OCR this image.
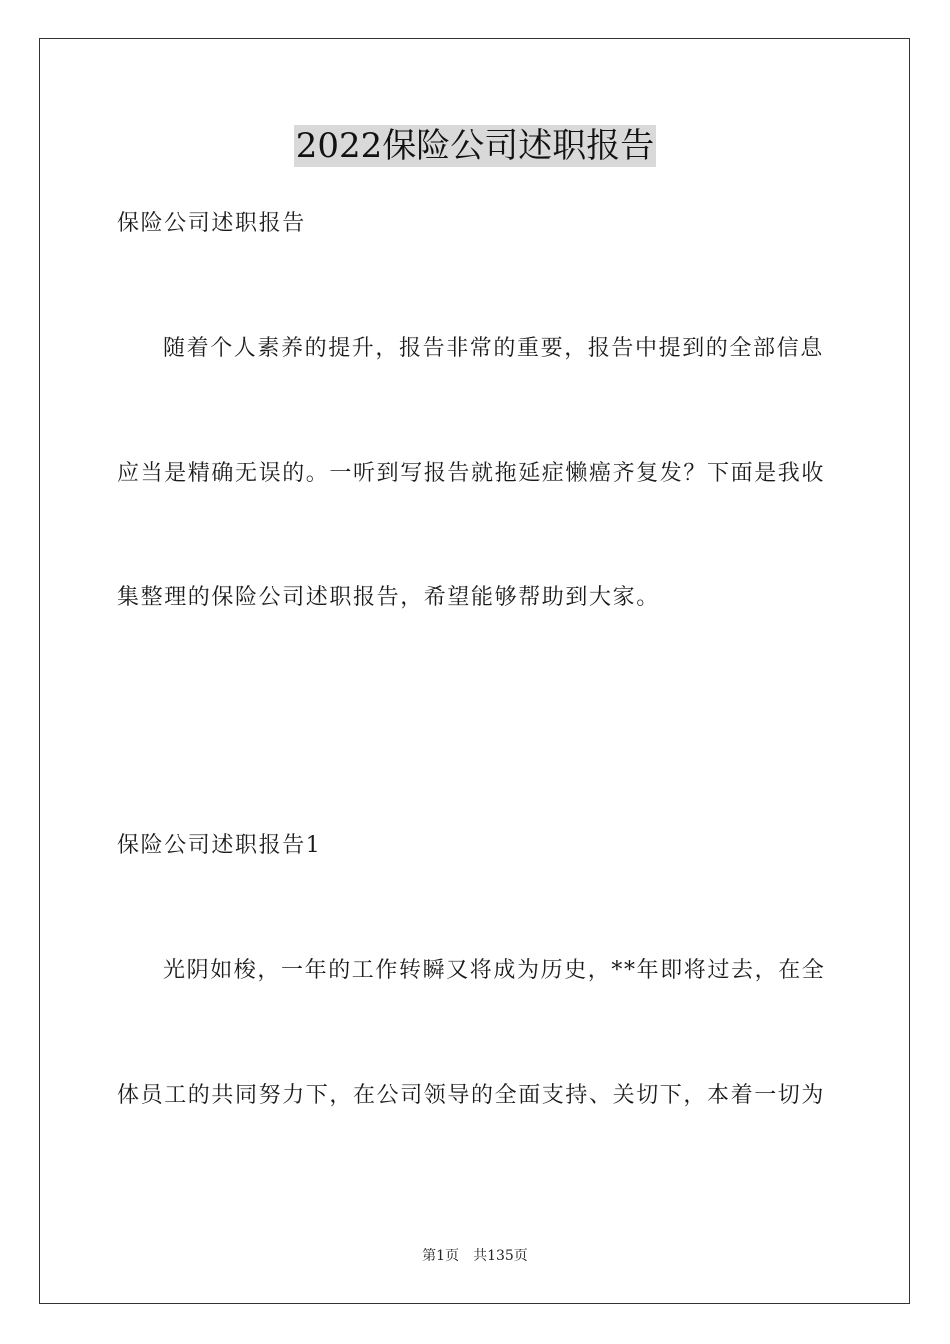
2022保险公司述职报告
保险公司述职报告
随着个人素养的提升，报告非常的重要，报告中提到的全部信息
应当是精确无误的。一听到写报告就拖延症懒癌齐复发？下面是我收
集整理的保险公司述职报告，希望能够帮助到大家。
保险公司述职报告1
光阴如梭，一年的工作转瞬又将成为历史，**年即将过去，在全
体员工的共同努力下，在公司领导的全面支持、关切下，本着一切为
第1页　共135页
